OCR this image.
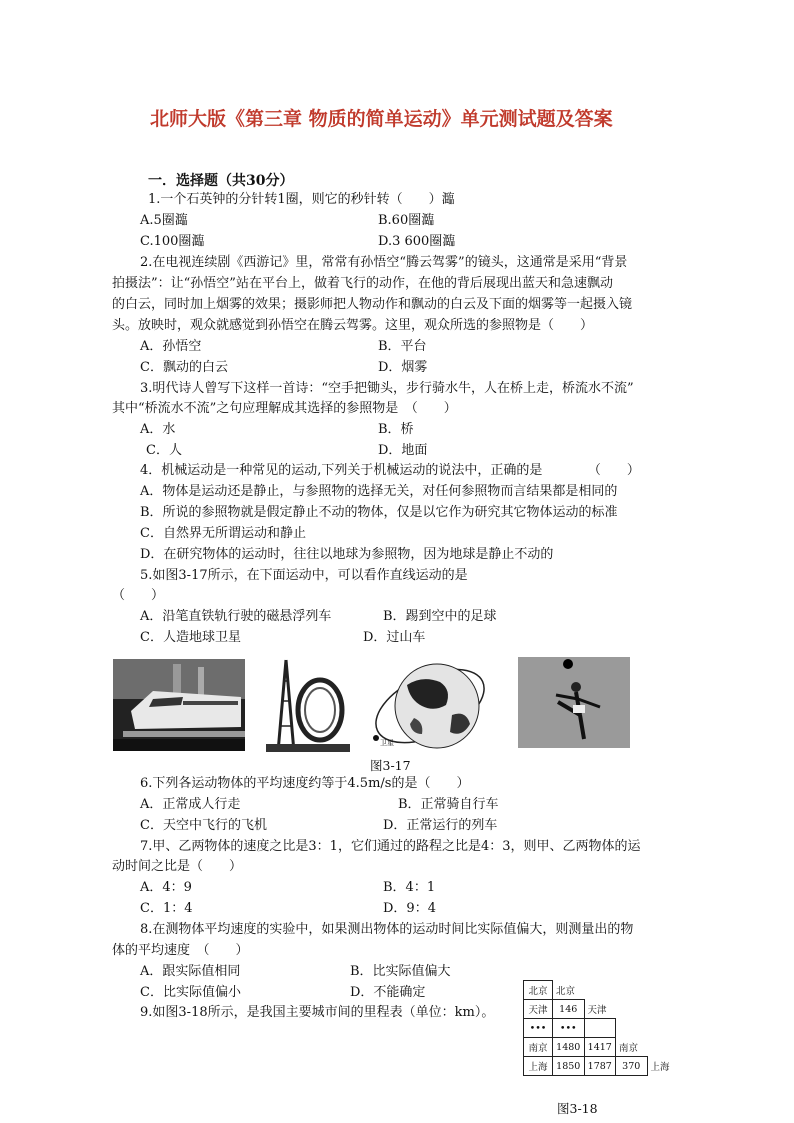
北师大版《第三章 物质的简单运动》单元测试题及答案
一．选择题（共30分）
1.一个石英钟的分针转1圈，则它的秒针转（　　）瀶
A.5圈瀶	B.60圈瀶
C.100圈瀶	D.3 600圈瀶
2.在电视连续剧《西游记》里，常常有孙悟空“腾云驾雾”的镜头，这通常是采用“背景
拍摄法”：让“孙悟空”站在平台上，做着飞行的动作，在他的背后展现出蓝天和急速飘动
的白云，同时加上烟雾的效果；摄影师把人物动作和飘动的白云及下面的烟雾等一起摄入镜
头。放映时，观众就感觉到孙悟空在腾云驾雾。这里，观众所选的参照物是（　　）
A．孙悟空	B．平台
C．飘动的白云	D．烟雾
3.明代诗人曾写下这样一首诗：“空手把锄头，步行骑水牛，人在桥上走，桥流水不流”
其中“桥流水不流”之句应理解成其选择的参照物是　（　　）
A．水	B．桥
C．人	D．地面
4．机械运动是一种常见的运动,下列关于机械运动的说法中，正确的是　　　　（　　）
A．物体是运动还是静止，与参照物的选择无关，对任何参照物而言结果都是相同的
B．所说的参照物就是假定静止不动的物体，仅是以它作为研究其它物体运动的标准
C．自然界无所谓运动和静止
D．在研究物体的运动时，往往以地球为参照物，因为地球是静止不动的
5.如图3-17所示，在下面运动中，可以看作直线运动的是
（　　）
A．沿笔直铁轨行驶的磁悬浮列车	B．踢到空中的足球
C．人造地球卫星	D．过山车
卫星
图3-17
6.下列各运动物体的平均速度约等于4.5m/s的是（　　）
A．正常成人行走	B．正常骑自行车
C．天空中飞行的飞机	D．正常运行的列车
7.甲、乙两物体的速度之比是3：1，它们通过的路程之比是4：3，则甲、乙两物体的运
动时间之比是（　　）
A．4：9	B．4：1
C．1：4	D．9：4
8.在测物体平均速度的实验中，如果测出物体的运动时间比实际值偏大，则测量出的物
体的平均速度　（　　）
A．跟实际值相同	B．比实际值偏大
C．比实际值偏小	D．不能确定
9.如图3-18所示，是我国主要城市间的里程表（单位：km）。
北京	北京			
天津	146	天津		
•••	•••			
南京	1480	1417	南京	
上海	1850	1787	370	上海
图3-18
